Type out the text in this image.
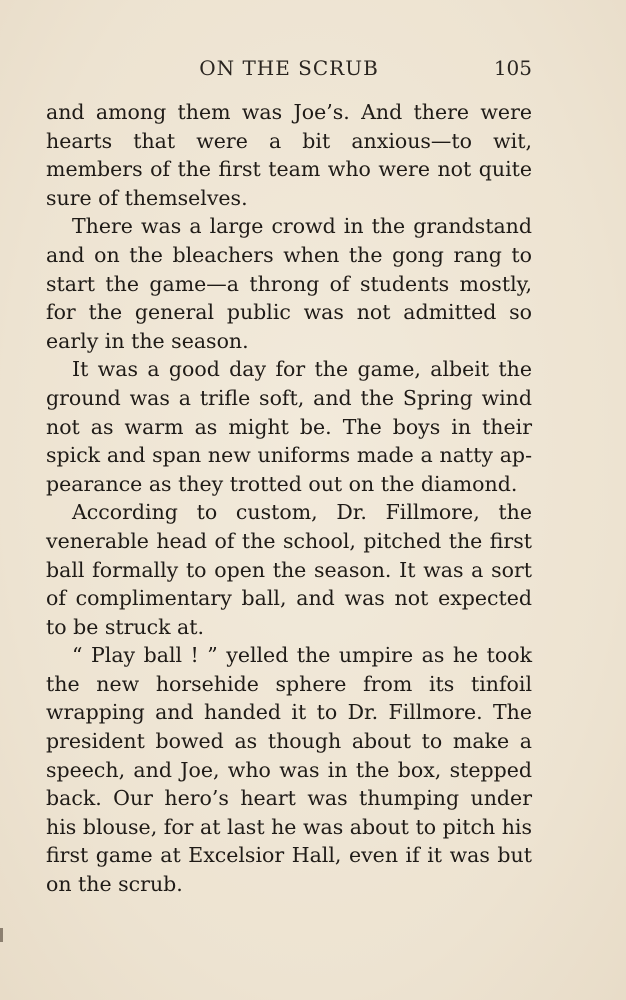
ON THE SCRUB	105

and among them was Joe’s. And there were hearts that were a bit anxious—to wit, members of the first team who were not quite sure of themselves.

There was a large crowd in the grandstand and on the bleachers when the gong rang to start the game—a throng of students mostly, for the general public was not admitted so early in the season.

It was a good day for the game, albeit the ground was a trifle soft, and the Spring wind not as warm as might be. The boys in their spick and span new uniforms made a natty appearance as they trotted out on the diamond.

According to custom, Dr. Fillmore, the venerable head of the school, pitched the first ball formally to open the season. It was a sort of complimentary ball, and was not expected to be struck at.

“ Play ball ! ” yelled the umpire as he took the new horsehide sphere from its tinfoil wrapping and handed it to Dr. Fillmore. The president bowed as though about to make a speech, and Joe, who was in the box, stepped back. Our hero’s heart was thumping under his blouse, for at last he was about to pitch his first game at Excelsior Hall, even if it was but on the scrub.
